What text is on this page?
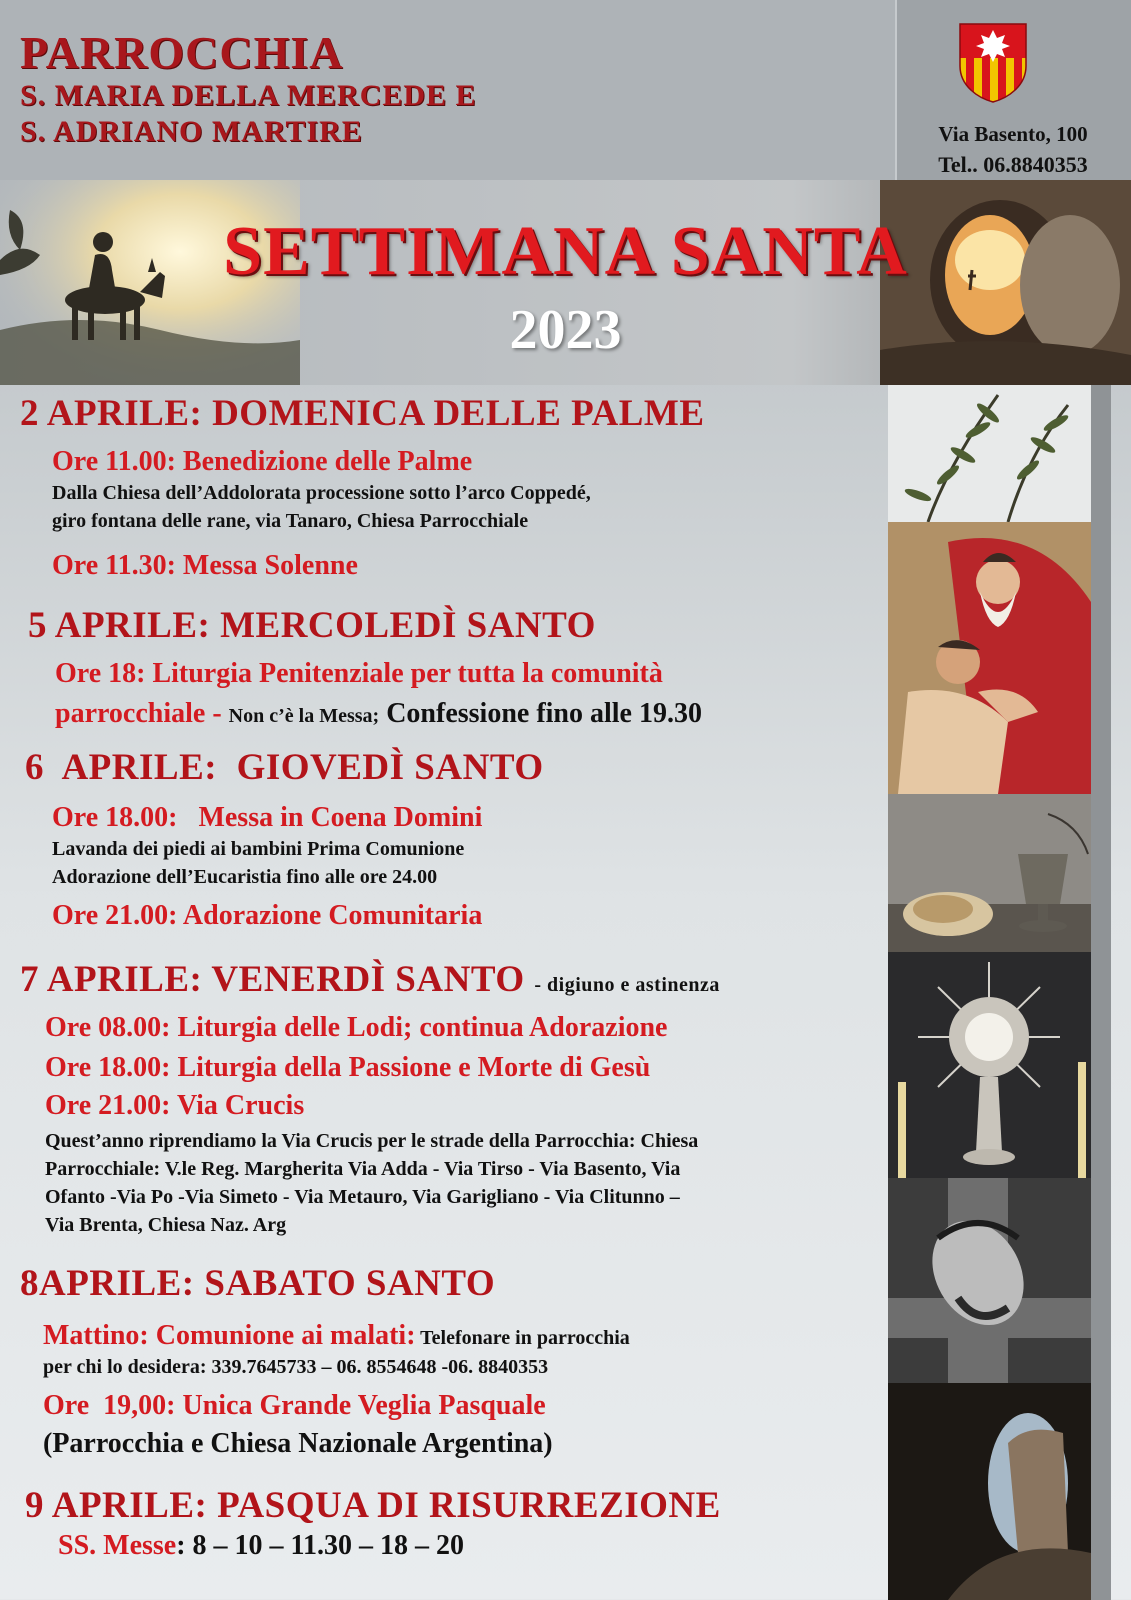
PARROCCHIA
S. MARIA DELLA MERCEDE E
S. ADRIANO MARTIRE	Via Basento, 100
Tel.. 06.8840353
SETTIMANA SANTA
2023
2 APRILE: DOMENICA DELLE PALME

Ore 11.00: Benedizione delle Palme

Dalla Chiesa dell’Addolorata processione sotto l’arco Coppedé,

giro fontana delle rane, via Tanaro, Chiesa Parrocchiale

Ore 11.30: Messa Solenne

5 APRILE: MERCOLEDÌ SANTO

Ore 18: Liturgia Penitenziale per tutta la comunità

parrocchiale - Non c’è la Messa; Confessione fino alle 19.30

6  APRILE:  GIOVEDÌ SANTO

Ore 18.00:   Messa in Coena Domini

Lavanda dei piedi ai bambini Prima Comunione

Adorazione dell’Eucaristia fino alle ore 24.00

Ore 21.00: Adorazione Comunitaria

7 APRILE: VENERDÌ SANTO - digiuno e astinenza

Ore 08.00: Liturgia delle Lodi; continua Adorazione

Ore 18.00: Liturgia della Passione e Morte di Gesù

Ore 21.00: Via Crucis

Quest’anno riprendiamo la Via Crucis per le strade della Parrocchia: Chiesa

Parrocchiale: V.le Reg. Margherita Via Adda - Via Tirso - Via Basento, Via

Ofanto -Via Po -Via Simeto - Via Metauro, Via Garigliano - Via Clitunno –

Via Brenta, Chiesa Naz. Arg

8APRILE: SABATO SANTO

Mattino: Comunione ai malati: Telefonare in parrocchia

per chi lo desidera: 339.7645733 – 06. 8554648 -06. 8840353

Ore  19,00: Unica Grande Veglia Pasquale

(Parrocchia e Chiesa Nazionale Argentina)

9 APRILE: PASQUA DI RISURREZIONE

SS. Messe: 8 – 10 – 11.30 – 18 – 20
